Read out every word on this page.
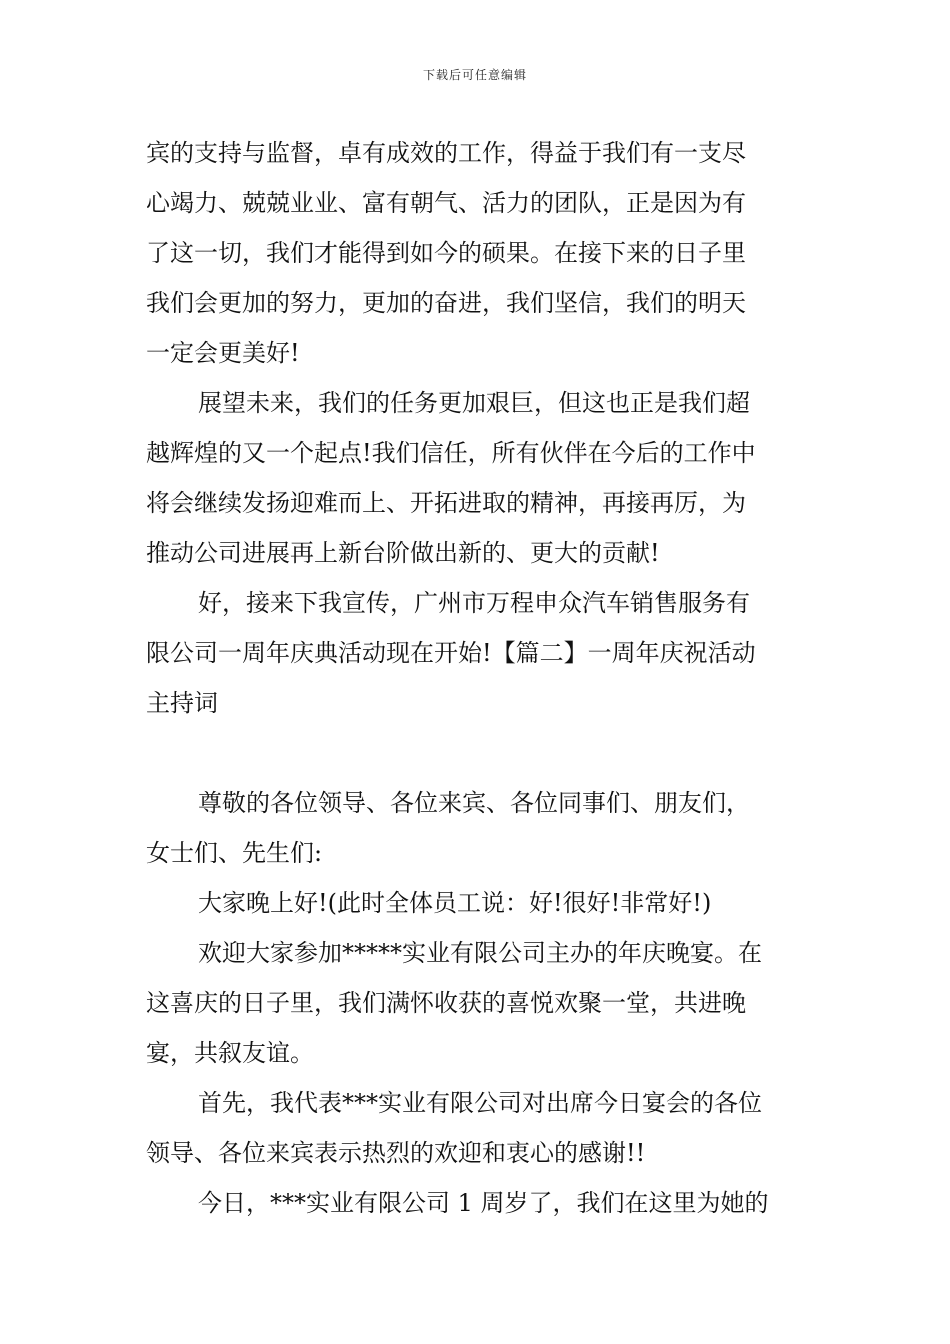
下载后可任意编辑
宾的支持与监督，卓有成效的工作，得益于我们有一支尽
心竭力、兢兢业业、富有朝气、活力的团队，正是因为有
了这一切，我们才能得到如今的硕果。在接下来的日子里
我们会更加的努力，更加的奋进，我们坚信，我们的明天
一定会更美好!
展望未来，我们的任务更加艰巨，但这也正是我们超
越辉煌的又一个起点!我们信任，所有伙伴在今后的工作中
将会继续发扬迎难而上、开拓进取的精神，再接再厉，为
推动公司进展再上新台阶做出新的、更大的贡献!
好，接来下我宣传，广州市万程申众汽车销售服务有
限公司一周年庆典活动现在开始!【篇二】一周年庆祝活动
主持词
尊敬的各位领导、各位来宾、各位同事们、朋友们，
女士们、先生们:
大家晚上好!(此时全体员工说：好!很好!非常好!)
欢迎大家参加*****实业有限公司主办的年庆晚宴。在
这喜庆的日子里，我们满怀收获的喜悦欢聚一堂，共进晚
宴，共叙友谊。
首先，我代表***实业有限公司对出席今日宴会的各位
领导、各位来宾表示热烈的欢迎和衷心的感谢!!
今日，***实业有限公司 1 周岁了，我们在这里为她的
